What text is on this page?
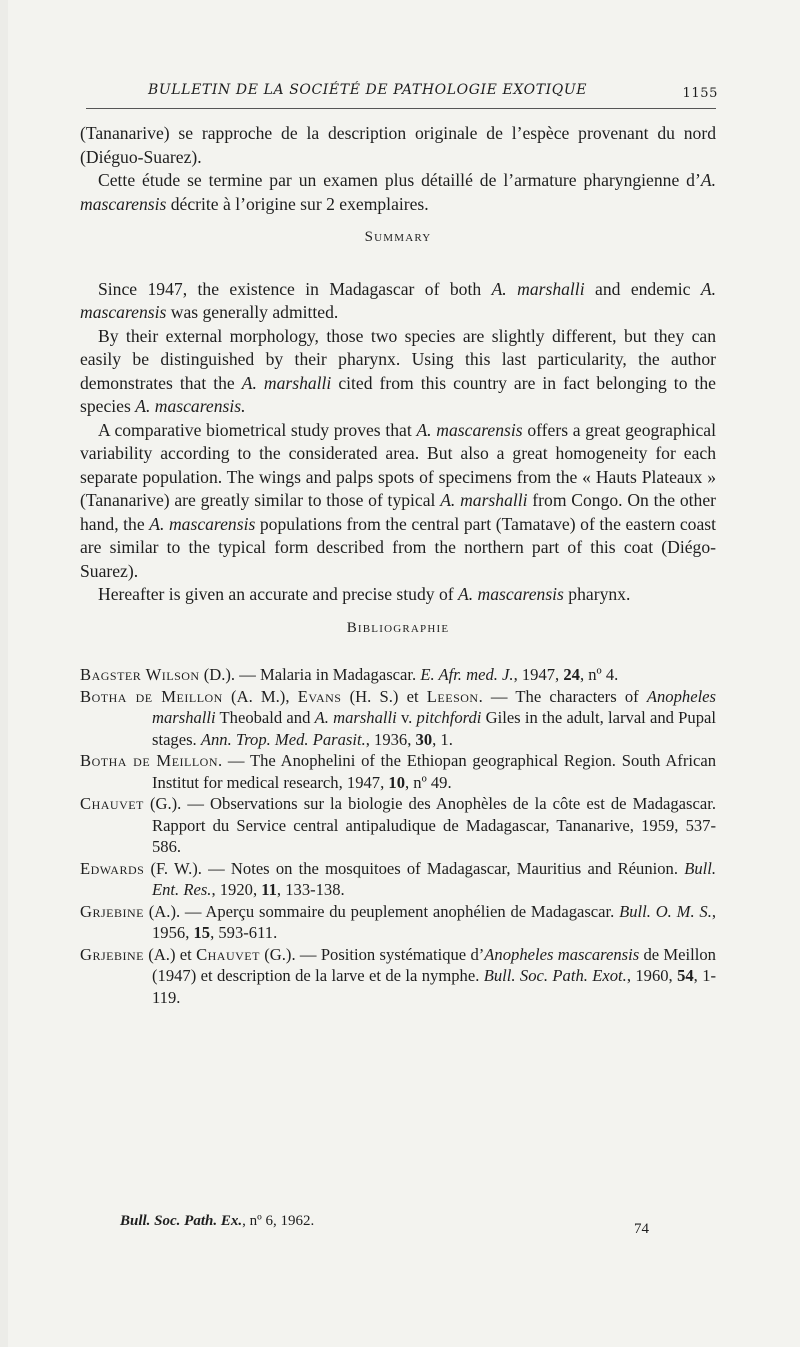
BULLETIN DE LA SOCIÉTÉ DE PATHOLOGIE EXOTIQUE	1155

(Tananarive) se rapproche de la description originale de l’espèce provenant du nord (Diéguo-Suarez).

Cette étude se termine par un examen plus détaillé de l’armature pharyngienne d’A. mascarensis décrite à l’origine sur 2 exemplaires.

Summary

Since 1947, the existence in Madagascar of both A. marshalli and endemic A. mascarensis was generally admitted.

By their external morphology, those two species are slightly different, but they can easily be distinguished by their pharynx. Using this last particularity, the author demonstrates that the A. marshalli cited from this country are in fact belonging to the species A. mascarensis.

A comparative biometrical study proves that A. mascarensis offers a great geographical variability according to the considerated area. But also a great homogeneity for each separate population. The wings and palps spots of specimens from the « Hauts Plateaux » (Tananarive) are greatly similar to those of typical A. marshalli from Congo. On the other hand, the A. mascarensis populations from the central part (Tamatave) of the eastern coast are similar to the typical form described from the northern part of this coat (Diégo-Suarez).

Hereafter is given an accurate and precise study of A. mascarensis pharynx.

Bibliographie

Bagster Wilson (D.). — Malaria in Madagascar. E. Afr. med. J., 1947, 24, nº 4.

Botha de Meillon (A. M.), Evans (H. S.) et Leeson. — The characters of Anopheles marshalli Theobald and A. marshalli v. pitchfordi Giles in the adult, larval and Pupal stages. Ann. Trop. Med. Parasit., 1936, 30, 1.

Botha de Meillon. — The Anophelini of the Ethiopan geographical Region. South African Institut for medical research, 1947, 10, nº 49.

Chauvet (G.). — Observations sur la biologie des Anophèles de la côte est de Madagascar. Rapport du Service central antipaludique de Madagascar, Tananarive, 1959, 537-586.

Edwards (F. W.). — Notes on the mosquitoes of Madagascar, Mauritius and Réunion. Bull. Ent. Res., 1920, 11, 133-138.

Grjebine (A.). — Aperçu sommaire du peuplement anophélien de Madagascar. Bull. O. M. S., 1956, 15, 593-611.

Grjebine (A.) et Chauvet (G.). — Position systématique d’Anopheles mascarensis de Meillon (1947) et description de la larve et de la nymphe. Bull. Soc. Path. Exot., 1960, 54, 1-119.

Bull. Soc. Path. Ex., nº 6, 1962.	74
